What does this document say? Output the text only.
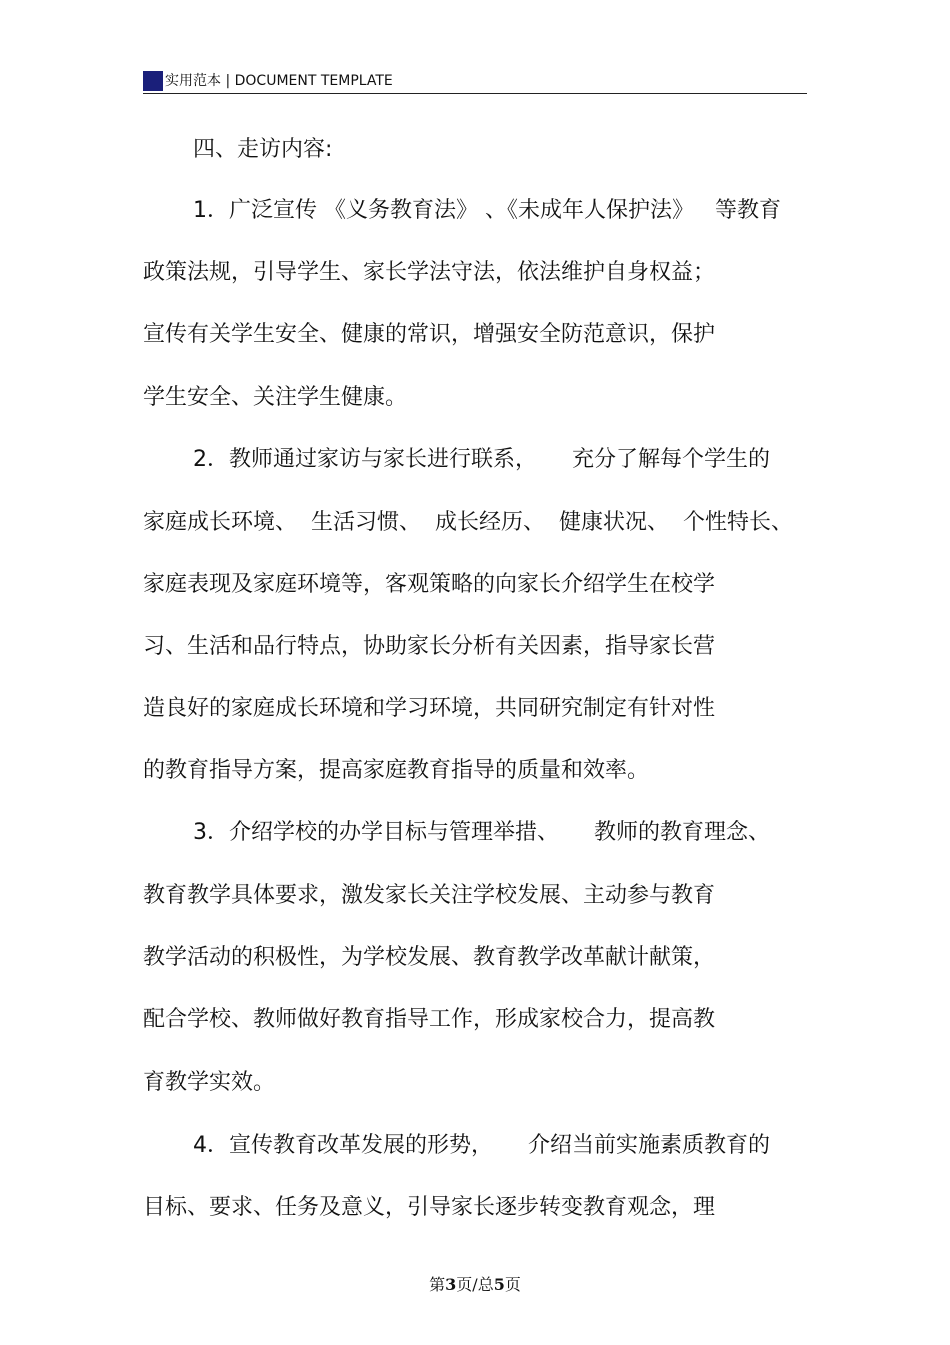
实用范本 | DOCUMENT TEMPLATE
四、走访内容:
1．广泛宣传 《义务教育法》 、《未成年人保护法》   等教育
政策法规，引导学生、家长学法守法，依法维护自身权益；
宣传有关学生安全、健康的常识，增强安全防范意识，保护
学生安全、关注学生健康。
2．教师通过家访与家长进行联系，     充分了解每个学生的
家庭成长环境、  生活习惯、  成长经历、  健康状况、  个性特长、
家庭表现及家庭环境等，客观策略的向家长介绍学生在校学
习、生活和品行特点，协助家长分析有关因素，指导家长营
造良好的家庭成长环境和学习环境，共同研究制定有针对性
的教育指导方案，提高家庭教育指导的质量和效率。
3．介绍学校的办学目标与管理举措、     教师的教育理念、
教育教学具体要求，激发家长关注学校发展、主动参与教育
教学活动的积极性，为学校发展、教育教学改革献计献策，
配合学校、教师做好教育指导工作，形成家校合力，提高教
育教学实效。
4．宣传教育改革发展的形势，     介绍当前实施素质教育的
目标、要求、任务及意义，引导家长逐步转变教育观念，理
第3页/总5页
